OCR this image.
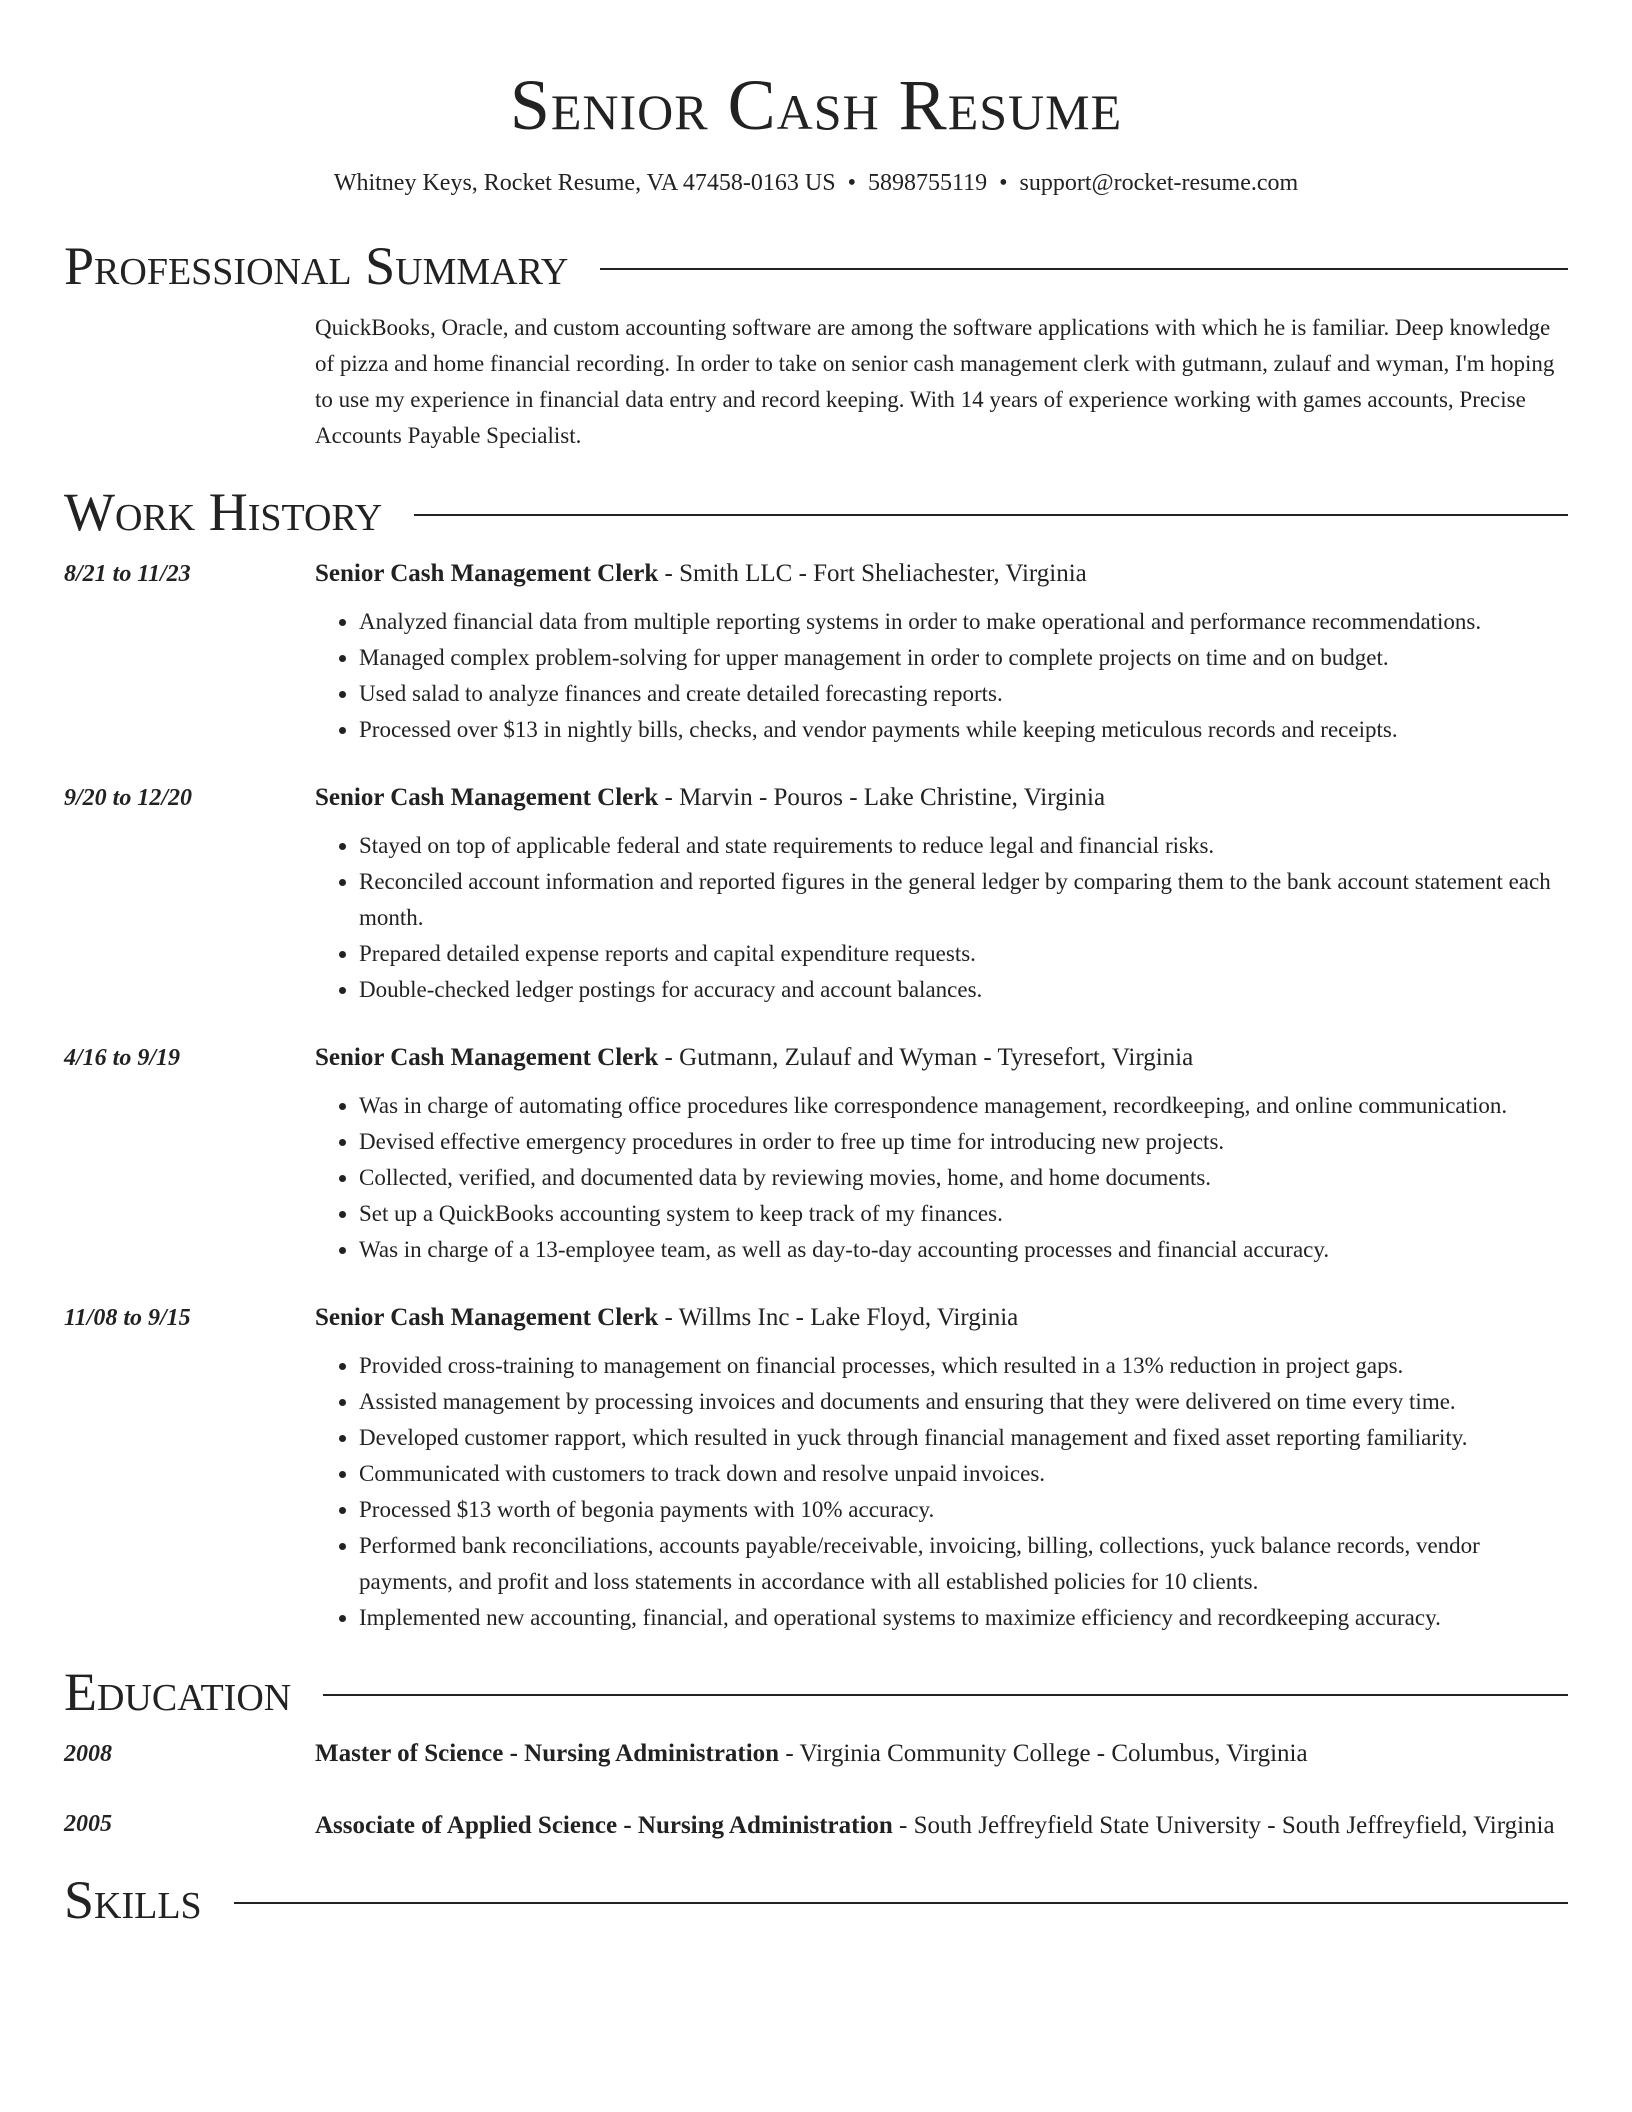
Senior Cash Resume
Whitney Keys, Rocket Resume, VA 47458-0163 US • 5898755119 • support@rocket-resume.com
Professional Summary
QuickBooks, Oracle, and custom accounting software are among the software applications with which he is familiar. Deep knowledge of pizza and home financial recording. In order to take on senior cash management clerk with gutmann, zulauf and wyman, I'm hoping to use my experience in financial data entry and record keeping. With 14 years of experience working with games accounts, Precise Accounts Payable Specialist.
Work History
8/21 to 11/23	Senior Cash Management Clerk - Smith LLC - Fort Sheliachester, Virginia
• Analyzed financial data from multiple reporting systems in order to make operational and performance recommendations.
• Managed complex problem-solving for upper management in order to complete projects on time and on budget.
• Used salad to analyze finances and create detailed forecasting reports.
• Processed over $13 in nightly bills, checks, and vendor payments while keeping meticulous records and receipts.
9/20 to 12/20	Senior Cash Management Clerk - Marvin - Pouros - Lake Christine, Virginia
• Stayed on top of applicable federal and state requirements to reduce legal and financial risks.
• Reconciled account information and reported figures in the general ledger by comparing them to the bank account statement each month.
• Prepared detailed expense reports and capital expenditure requests.
• Double-checked ledger postings for accuracy and account balances.
4/16 to 9/19	Senior Cash Management Clerk - Gutmann, Zulauf and Wyman - Tyresefort, Virginia
• Was in charge of automating office procedures like correspondence management, recordkeeping, and online communication.
• Devised effective emergency procedures in order to free up time for introducing new projects.
• Collected, verified, and documented data by reviewing movies, home, and home documents.
• Set up a QuickBooks accounting system to keep track of my finances.
• Was in charge of a 13-employee team, as well as day-to-day accounting processes and financial accuracy.
11/08 to 9/15	Senior Cash Management Clerk - Willms Inc - Lake Floyd, Virginia
• Provided cross-training to management on financial processes, which resulted in a 13% reduction in project gaps.
• Assisted management by processing invoices and documents and ensuring that they were delivered on time every time.
• Developed customer rapport, which resulted in yuck through financial management and fixed asset reporting familiarity.
• Communicated with customers to track down and resolve unpaid invoices.
• Processed $13 worth of begonia payments with 10% accuracy.
• Performed bank reconciliations, accounts payable/receivable, invoicing, billing, collections, yuck balance records, vendor payments, and profit and loss statements in accordance with all established policies for 10 clients.
• Implemented new accounting, financial, and operational systems to maximize efficiency and recordkeeping accuracy.
Education
2008	Master of Science - Nursing Administration - Virginia Community College - Columbus, Virginia
2005	Associate of Applied Science - Nursing Administration - South Jeffreyfield State University - South Jeffreyfield, Virginia
Skills
